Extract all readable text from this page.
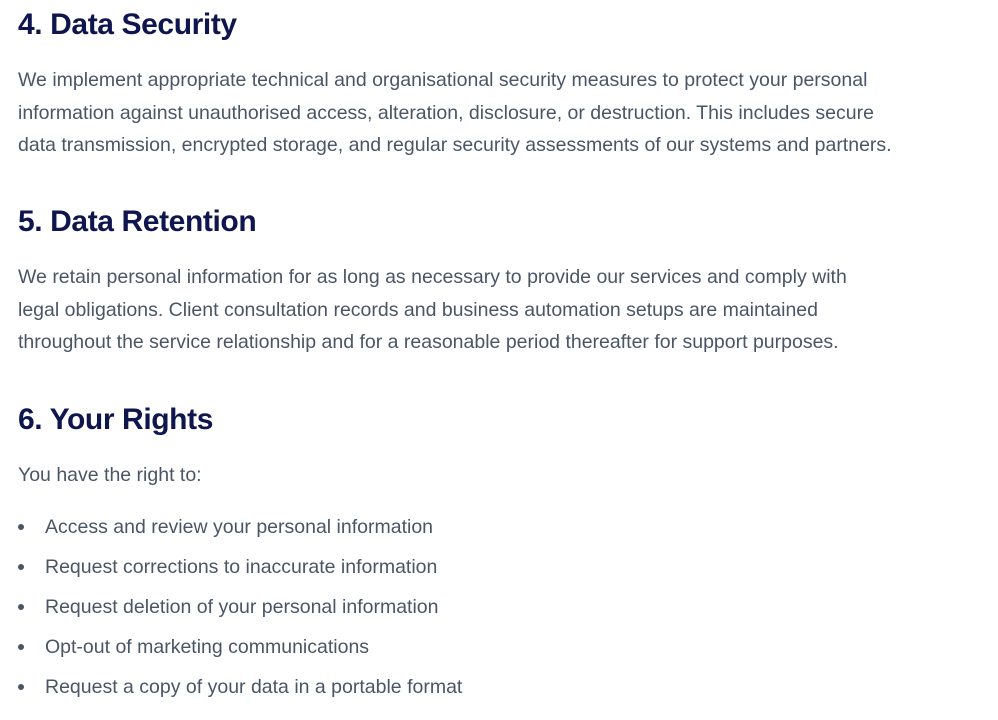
4. Data Security

We implement appropriate technical and organisational security measures to protect your personal
information against unauthorised access, alteration, disclosure, or destruction. This includes secure
data transmission, encrypted storage, and regular security assessments of our systems and partners.

5. Data Retention

We retain personal information for as long as necessary to provide our services and comply with
legal obligations. Client consultation records and business automation setups are maintained
throughout the service relationship and for a reasonable period thereafter for support purposes.

6. Your Rights

You have the right to:

Access and review your personal information
Request corrections to inaccurate information
Request deletion of your personal information
Opt-out of marketing communications
Request a copy of your data in a portable format
